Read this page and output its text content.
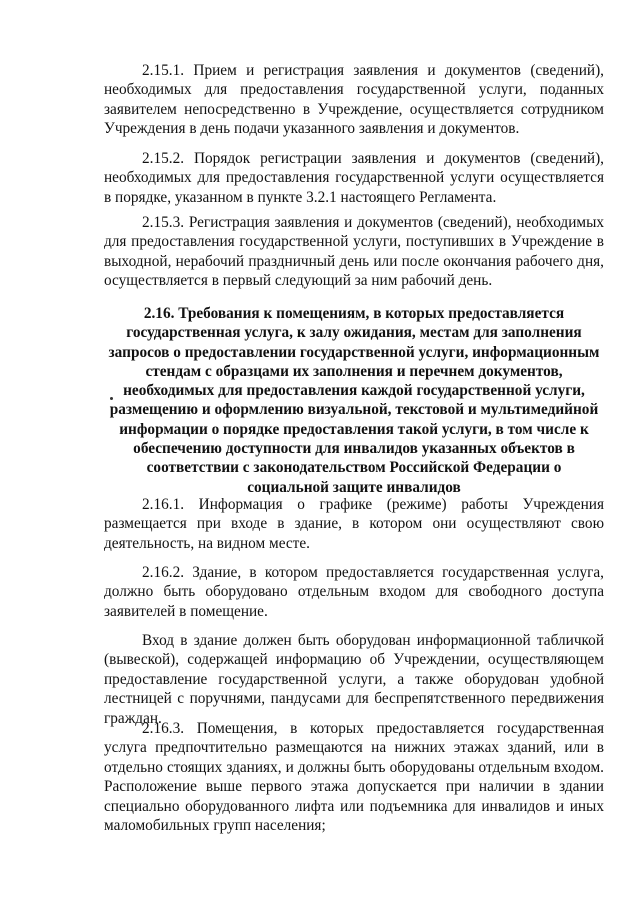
2.15.1. Прием и регистрация заявления и документов (сведений), необходимых для предоставления государственной услуги, поданных заявителем непосредственно в Учреждение, осуществляется сотрудником Учреждения в день подачи указанного заявления и документов.

2.15.2. Порядок регистрации заявления и документов (сведений), необходимых для предоставления государственной услуги осуществляется в порядке, указанном в пункте 3.2.1 настоящего Регламента.

2.15.3. Регистрация заявления и документов (сведений), необходимых для предоставления государственной услуги, поступивших в Учреждение в выходной, нерабочий праздничный день или после окончания рабочего дня, осуществляется в первый следующий за ним рабочий день.

2.16. Требования к помещениям, в которых предоставляется государственная услуга, к залу ожидания, местам для заполнения запросов о предоставлении государственной услуги, информационным стендам с образцами их заполнения и перечнем документов, необходимых для предоставления каждой государственной услуги, размещению и оформлению визуальной, текстовой и мультимедийной информации о порядке предоставления такой услуги, в том числе к обеспечению доступности для инвалидов указанных объектов в соответствии с законодательством Российской Федерации о социальной защите инвалидов

2.16.1. Информация о графике (режиме) работы Учреждения размещается при входе в здание, в котором они осуществляют свою деятельность, на видном месте.

2.16.2. Здание, в котором предоставляется государственная услуга, должно быть оборудовано отдельным входом для свободного доступа заявителей в помещение.

Вход в здание должен быть оборудован информационной табличкой (вывеской), содержащей информацию об Учреждении, осуществляющем предоставление государственной услуги, а также оборудован удобной лестницей с поручнями, пандусами для беспрепятственного передвижения граждан.

2.16.3. Помещения, в которых предоставляется государственная услуга предпочтительно размещаются на нижних этажах зданий, или в отдельно стоящих зданиях, и должны быть оборудованы отдельным входом. Расположение выше первого этажа допускается при наличии в здании специально оборудованного лифта или подъемника для инвалидов и иных маломобильных групп населения;
